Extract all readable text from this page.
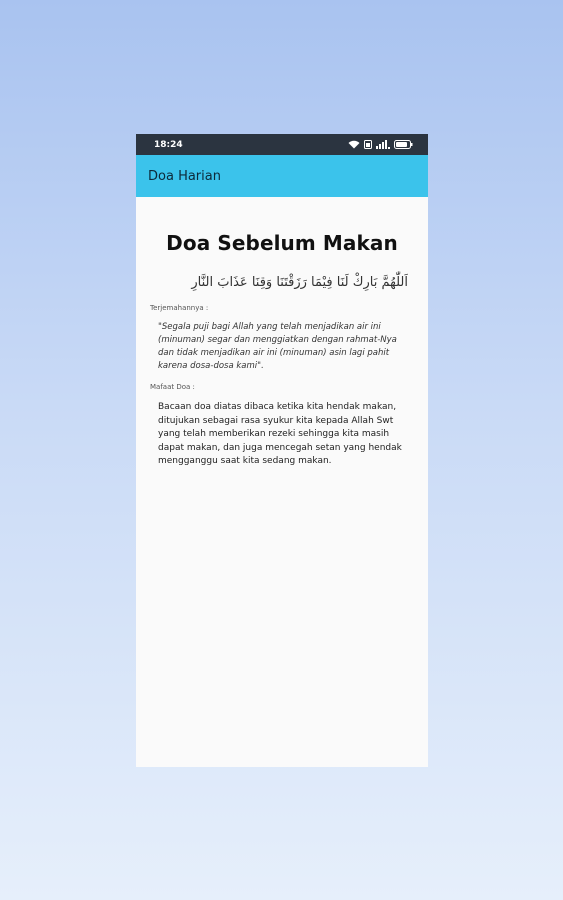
18:24
Doa Harian
Doa Sebelum Makan
اَللّٰهُمَّ بَارِكْ لَنَا فِيْمَا رَزَقْتَنَا وَقِنَا عَذَابَ النَّارِ
Terjemahannya :
"Segala puji bagi Allah yang telah menjadikan air ini (minuman) segar dan menggiatkan dengan rahmat-Nya dan tidak menjadikan air ini (minuman) asin lagi pahit karena dosa-dosa kami".
Mafaat Doa :
Bacaan doa diatas dibaca ketika kita hendak makan, ditujukan sebagai rasa syukur kita kepada Allah Swt yang telah memberikan rezeki sehingga kita masih dapat makan, dan juga mencegah setan yang hendak mengganggu saat kita sedang makan.
